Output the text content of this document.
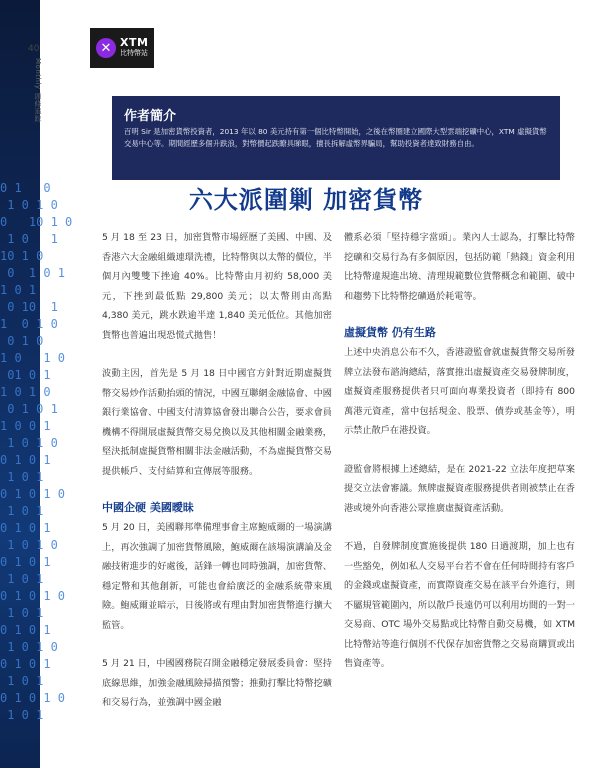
0 1   0
1 0 1 0
0   10 1 0
1 0   1
10 1 0
0  1 0 1
1 0 1
0 10  1
1  0 1 0
0 1 0
1 0   1 0
01 0 1
1 0 1 0
0 1 0 1
1 0 0 1
1 0 1 0
0 1 0 1
1 0 1
0 1 0 1 0
1 0 1
0 1 0 1
1 0 1 0
0 1 0 1
1 0 1
0 1 0 1 0
1 0 1
0 1 0 1
1 0 1 0
0 1 0 1
1 0 1
0 1 0 1 0
1 0 1
40
Monthly 頭條追踪
✕ XTM
比特幣站
作者簡介
百明 Sir 是加密貨幣投資者，2013 年以 80 美元持有第一個比特幣開始，之後在幣圈建立國際大型雲端挖礦中心，XTM 虛擬貨幣交易中心等。期間經歷多個升跌浪，對幣價起跌瞭具睇眼，擅長拆解虛幣界騙局，幫助投資者達致財務自由。
六大派圍剿 加密貨幣

5 月 18 至 23 日，加密貨幣市場經歷了美國、中國、及香港六大金融組織連環洗禮，比特幣與以太幣的價位，半個月內雙雙下挫逾 40%。比特幣由月初約 58,000 美元，下挫到最低點 29,800 美元；以太幣則由高點 4,380 美元，跳水跌逾半達 1,840 美元低位。其他加密貨幣也普遍出現恐慌式拋售！

波動主因，首先是 5 月 18 日中國官方針對近期虛擬貨幣交易炒作活動抬頭的情況，中國互聯網金融協會、中國銀行業協會、中國支付清算協會發出聯合公告，要求會員機構不得開展虛擬貨幣交易兌換以及其他相關金融業務，堅決抵制虛擬貨幣相關非法金融活動，不為虛擬貨幣交易提供帳戶、支付結算和宣傳展等服務。

中國企硬 美國曖昧

5 月 20 日，美國聯邦準備理事會主席鮑威爾的一場演講上，再次強調了加密貨幣風險，鮑威爾在該場演講論及金融技術進步的好處後，話鋒一轉也同時強調，加密貨幣、穩定幣和其他創新，可能也會給廣泛的金融系統帶來風險。鮑威爾並暗示，日後將或有理由對加密貨幣進行擴大監管。

5 月 21 日，中國國務院召開金融穩定發展委員會：堅持底線思維，加強金融風險掃描預警；推動打擊比特幣挖礦和交易行為，並強調中國金融

體系必須「堅持穩字當頭」。業內人士認為，打擊比特幣挖礦和交易行為有多個原因，包括防範「熱錢」資金利用比特幣違規進出境、清理規範數位貨幣概念和範圍、破中和趨勢下比特幣挖礦過於耗電等。

虛擬貨幣 仍有生路

上述中央消息公布不久，香港證監會就虛擬貨幣交易所發牌立法發布諮詢總結，落實推出虛擬資產交易發牌制度，虛擬資產服務提供者只可面向專業投資者（即持有 800 萬港元資產，當中包括現金、股票、債券或基金等），明示禁止散戶在港投資。

證監會將根據上述總結，是在 2021-22 立法年度把草案提交立法會審議。無牌虛擬資產服務提供者則被禁止在香港或境外向香港公眾推廣虛擬資產活動。

不過，自發牌制度實施後提供 180 日過渡期，加上也有一些豁免，例如私人交易平台若不會在任何時間持有客戶的金錢或虛擬資產，而實際資產交易在該平台外進行，則不屬規管範圍內，所以散戶長遠仍可以利用坊間的一對一交易商、OTC 場外交易點或比特幣自動交易機，如 XTM 比特幣站等進行個別不代保存加密貨幣之交易商購買或出售資產等。
